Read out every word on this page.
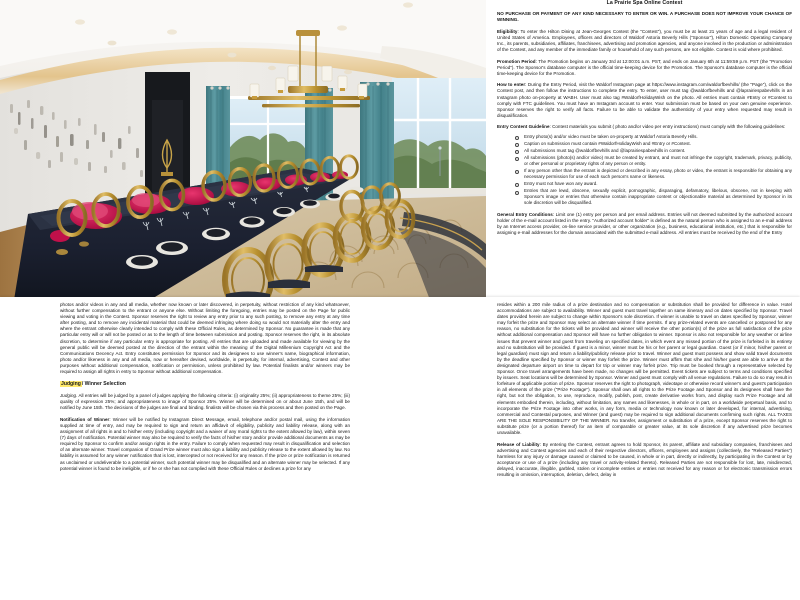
La Prairie Spa Online Contest

NO PURCHASE OR PAYMENT OF ANY KIND NECESSARY TO ENTER OR WIN. A PURCHASE DOES NOT IMPROVE YOUR CHANCE OF WINNING.

Eligibility: To enter the Hilton Dining at Jean-Georges Contest (the "Contest"), you must be at least 21 years of age and a legal resident of United States of America. Employees, officers and directors of Waldorf Astoria Beverly Hills ("Sponsor"), Hilton Domestic Operating Company Inc., its parents, subsidiaries, affiliates, franchisees, advertising and promotion agencies, and anyone involved in the production or administration of the Contest, and any member of the immediate family or household of any such persons, are not eligible. Contest is void where prohibited.

Promotion Period: The Promotion begins on January 3rd at 12:00:01 a.m. PST, and ends on January 6th at 11:59:59 p.m. PST (the "Promotion Period"). The Sponsor's database computer is the official time-keeping device for the Promotion. The Sponsor's database computer is the official time-keeping device for the Promotion.

How to enter: During the Entry Period, visit the Waldorf Instagram page at https://www.instagram.com/waldorfbevhills/ (the "Page"), click on the Contest post, and then follow the instructions to complete the entry. To enter, user must tag @waldorfbevhills and @laprairiespabevhills in an Instagram photo on-property at WABH. User must also tag #WaldorfHolidayWish on the photo. All entries must contain #Entry or #Contest to comply with FTC guidelines. You must have an Instagram account to enter. Your submission must be based on your own genuine experience. Sponsor reserves the right to verify all facts. Failure to be able to validate the authenticity of your entry when requested may result in disqualification.

Entry Content Guideline: Contest materials you submit ( photo and/or video per entry instructions) must comply with the following guidelines:

Entry photo(s) and/or video must be taken on-property at Waldorf Astoria Beverly Hills.
Caption on submission must contain #WaldorfHolidayWish and #Entry or #Contest.
All submissions must tag @waldorfbevhills and @laprairiespabevhills in content.
All submissions (photo(s) and/or video) must be created by entrant, and must not infringe the copyright, trademark, privacy, publicity, or other personal or proprietary rights of any person or entity.
If any person other than the entrant is depicted or described in any essay, photo or video, the entrant is responsible for obtaining any necessary permission for use of each such person's name or likeness.
Entry must not have won any award.
Entries that are lewd, obscene, sexually explicit, pornographic, disparaging, defamatory, libelous, obscene, not in keeping with Sponsor's image or entries that otherwise contain inappropriate content or objectionable material as determined by Sponsor in its sole discretion will be disqualified.

General Entry Conditions: Limit one (1) entry per person and per email address. Entries will not deemed submitted by the authorized account holder of the e-mail account listed in the entry. "Authorized account holder" is defined as the natural person who is assigned to an e-mail address by an Internet access provider, on-line service provider, or other organization (e.g., business, educational institution, etc.) that is responsible for assigning e-mail addresses for the domain associated with the submitted e-mail address. All entries must be received by the end of the Entry

photos and/or videos in any and all media, whether now known or later discovered, in perpetuity, without restriction of any kind whatsoever, without further compensation to the entrant or anyone else. Without limiting the foregoing, entries may be posted on the Page for public viewing and voting in the Contest. Sponsor reserves the right to review any entry prior to any such posting, to remove any entry at any time after posting, and to remove any incidental material that could be deemed infringing where doing so would not materially alter the entry and where the entrant otherwise clearly intended to comply with these Official Rules, as determined by Sponsor. No guarantee is made that any particular entry will or will not be posted or as to the length of time between submission and posting. Sponsor reserves the right, in its absolute discretion, to determine if any particular entry is appropriate for posting. All entries that are uploaded and made available for viewing by the general public will be deemed posted at the direction of the entrant within the meaning of the Digital Millennium Copyright Act and the Communications Decency Act. Entry constitutes permission for Sponsor and its designees to use winner's name, biographical information, photo and/or likeness in any and all media, now or hereafter devised, worldwide, in perpetuity, for internal, advertising, Contest and other purposes without additional compensation, notification or permission, unless prohibited by law. Potential finalists and/or winners may be required to assign all rights in entry to Sponsor without additional compensation.

Judging/ Winner Selection

Judging. All entries will be judged by a panel of judges applying the following criteria: (i) originality 25%; (ii) appropriateness to theme 25%; (iii) quality of expression 25%; and appropriateness to image of Sponsor 25%. Winner will be determined on or about June 15th, and will be notified by June 15th. The decisions of the judges are final and binding. finalists will be chosen via this process and then posted on the Page.

Notification of Winner: Winner will be notified by Instagram Direct Message, email, telephone and/or postal mail, using the information supplied at time of entry, and may be required to sign and return an affidavit of eligibility, publicity and liability release, along with an assignment of all rights in and to his/her entry (including copyright and a waiver of any moral rights to the extent allowed by law), within seven (7) days of notification. Potential winner may also be required to verify the facts of his/her story and/or provide additional documents as may be required by Sponsor to confirm and/or assign rights in the entry. Failure to comply when requested may result in disqualification and selection of an alternate winner. Travel companion of Grand Prize winner must also sign a liability and publicity release to the extent allowed by law. No liability is assumed for any winner notification that is lost, intercepted or not received for any reason. If the prize or prize notification is returned as unclaimed or undeliverable to a potential winner, such potential winner may be disqualified and an alternate winner may be selected. If any potential winner is found to be ineligible, or if he or she has not complied with these Official Rules or declines a prize for any

resides within a 200 mile radius of a prize destination and no compensation or substitution shall be provided for difference in value. Hotel accommodations are subject to availability. Winner and guest must travel together on same itinerary and on dates specified by Sponsor. Travel dates provided herein are subject to change within Sponsor's sole discretion. If winner is unable to travel on dates specified by Sponsor, winner may forfeit the prize and Sponsor may select an alternate winner if time permits. If any prize-related events are cancelled or postponed for any reason, no substitution for the tickets will be provided and winner will receive the other portion(s) of the prize as full satisfaction of the prize without additional compensation and Sponsor will have no further obligation to winner. Sponsor is also not responsible for any weather or airline issues that prevent winner and guest from traveling on specified dates, in which event any missed portion of the prize is forfeited in its entirety and no substitution will be provided. If guest is a minor, winner must be his or her parent or legal guardian. Guest (or if minor, his/her parent or legal guardian) must sign and return a liability/publicity release prior to travel. Winner and guest must possess and show valid travel documents by the deadline specified by Sponsor or winner may forfeit the prize. Winner must affirm that s/he and his/her guest are able to arrive at the designated departure airport on time to depart for trip or winner may forfeit prize. Trip must be booked through a representative selected by Sponsor. Once travel arrangements have been made, no changes will be permitted. Event tickets are subject to terms and conditions specified by issuers. Seat locations will be determined by Sponsor. Winner and guest must comply with all venue regulations. Failure to do so may result in forfeiture of applicable portion of prize. Sponsor reserves the right to photograph, videotape or otherwise record winner's and guest's participation in all elements of the prize ("Prize Footage"). Sponsor shall own all rights to the Prize Footage and Sponsor and its designees shall have the right, but not the obligation, to use, reproduce, modify, publish, post, create derivative works from, and display such Prize Footage and all elements embodied therein, including, without limitation, any names and likenesses, in whole or in part, on a worldwide perpetual basis, and to incorporate the Prize Footage into other works, in any form, media or technology now known or later developed, for internal, advertising, commercial and Contestal purposes, and Winner (and guest) may be required to sign additional documents confirming such rights. ALL TAXES ARE THE SOLE RESPONSIBILITY OF THE WINNER. No transfer, assignment or substitution of a prize, except Sponsor reserves the right to substitute prize (or a portion thereof) for an item of comparable or greater value, at its sole discretion if any advertised prize becomes unavailable.

Release of Liability: By entering the Contest, entrant agrees to hold Sponsor, its parent, affiliate and subsidiary companies, franchisees and advertising and Contest agencies and each of their respective directors, officers, employees and assigns (collectively, the "Released Parties") harmless for any injury or damage caused or claimed to be caused, in whole or in part, directly or indirectly, by participating in the Contest or by acceptance or use of a prize (including any travel or activity-related thereto). Released Parties are not responsible for lost, late, misdirected, delayed, inaccurate, illegible, garbled, stolen or incomplete entries or entries not received for any reason or for electronic transmission errors resulting in omission, interruption, deletion, defect, delay in
